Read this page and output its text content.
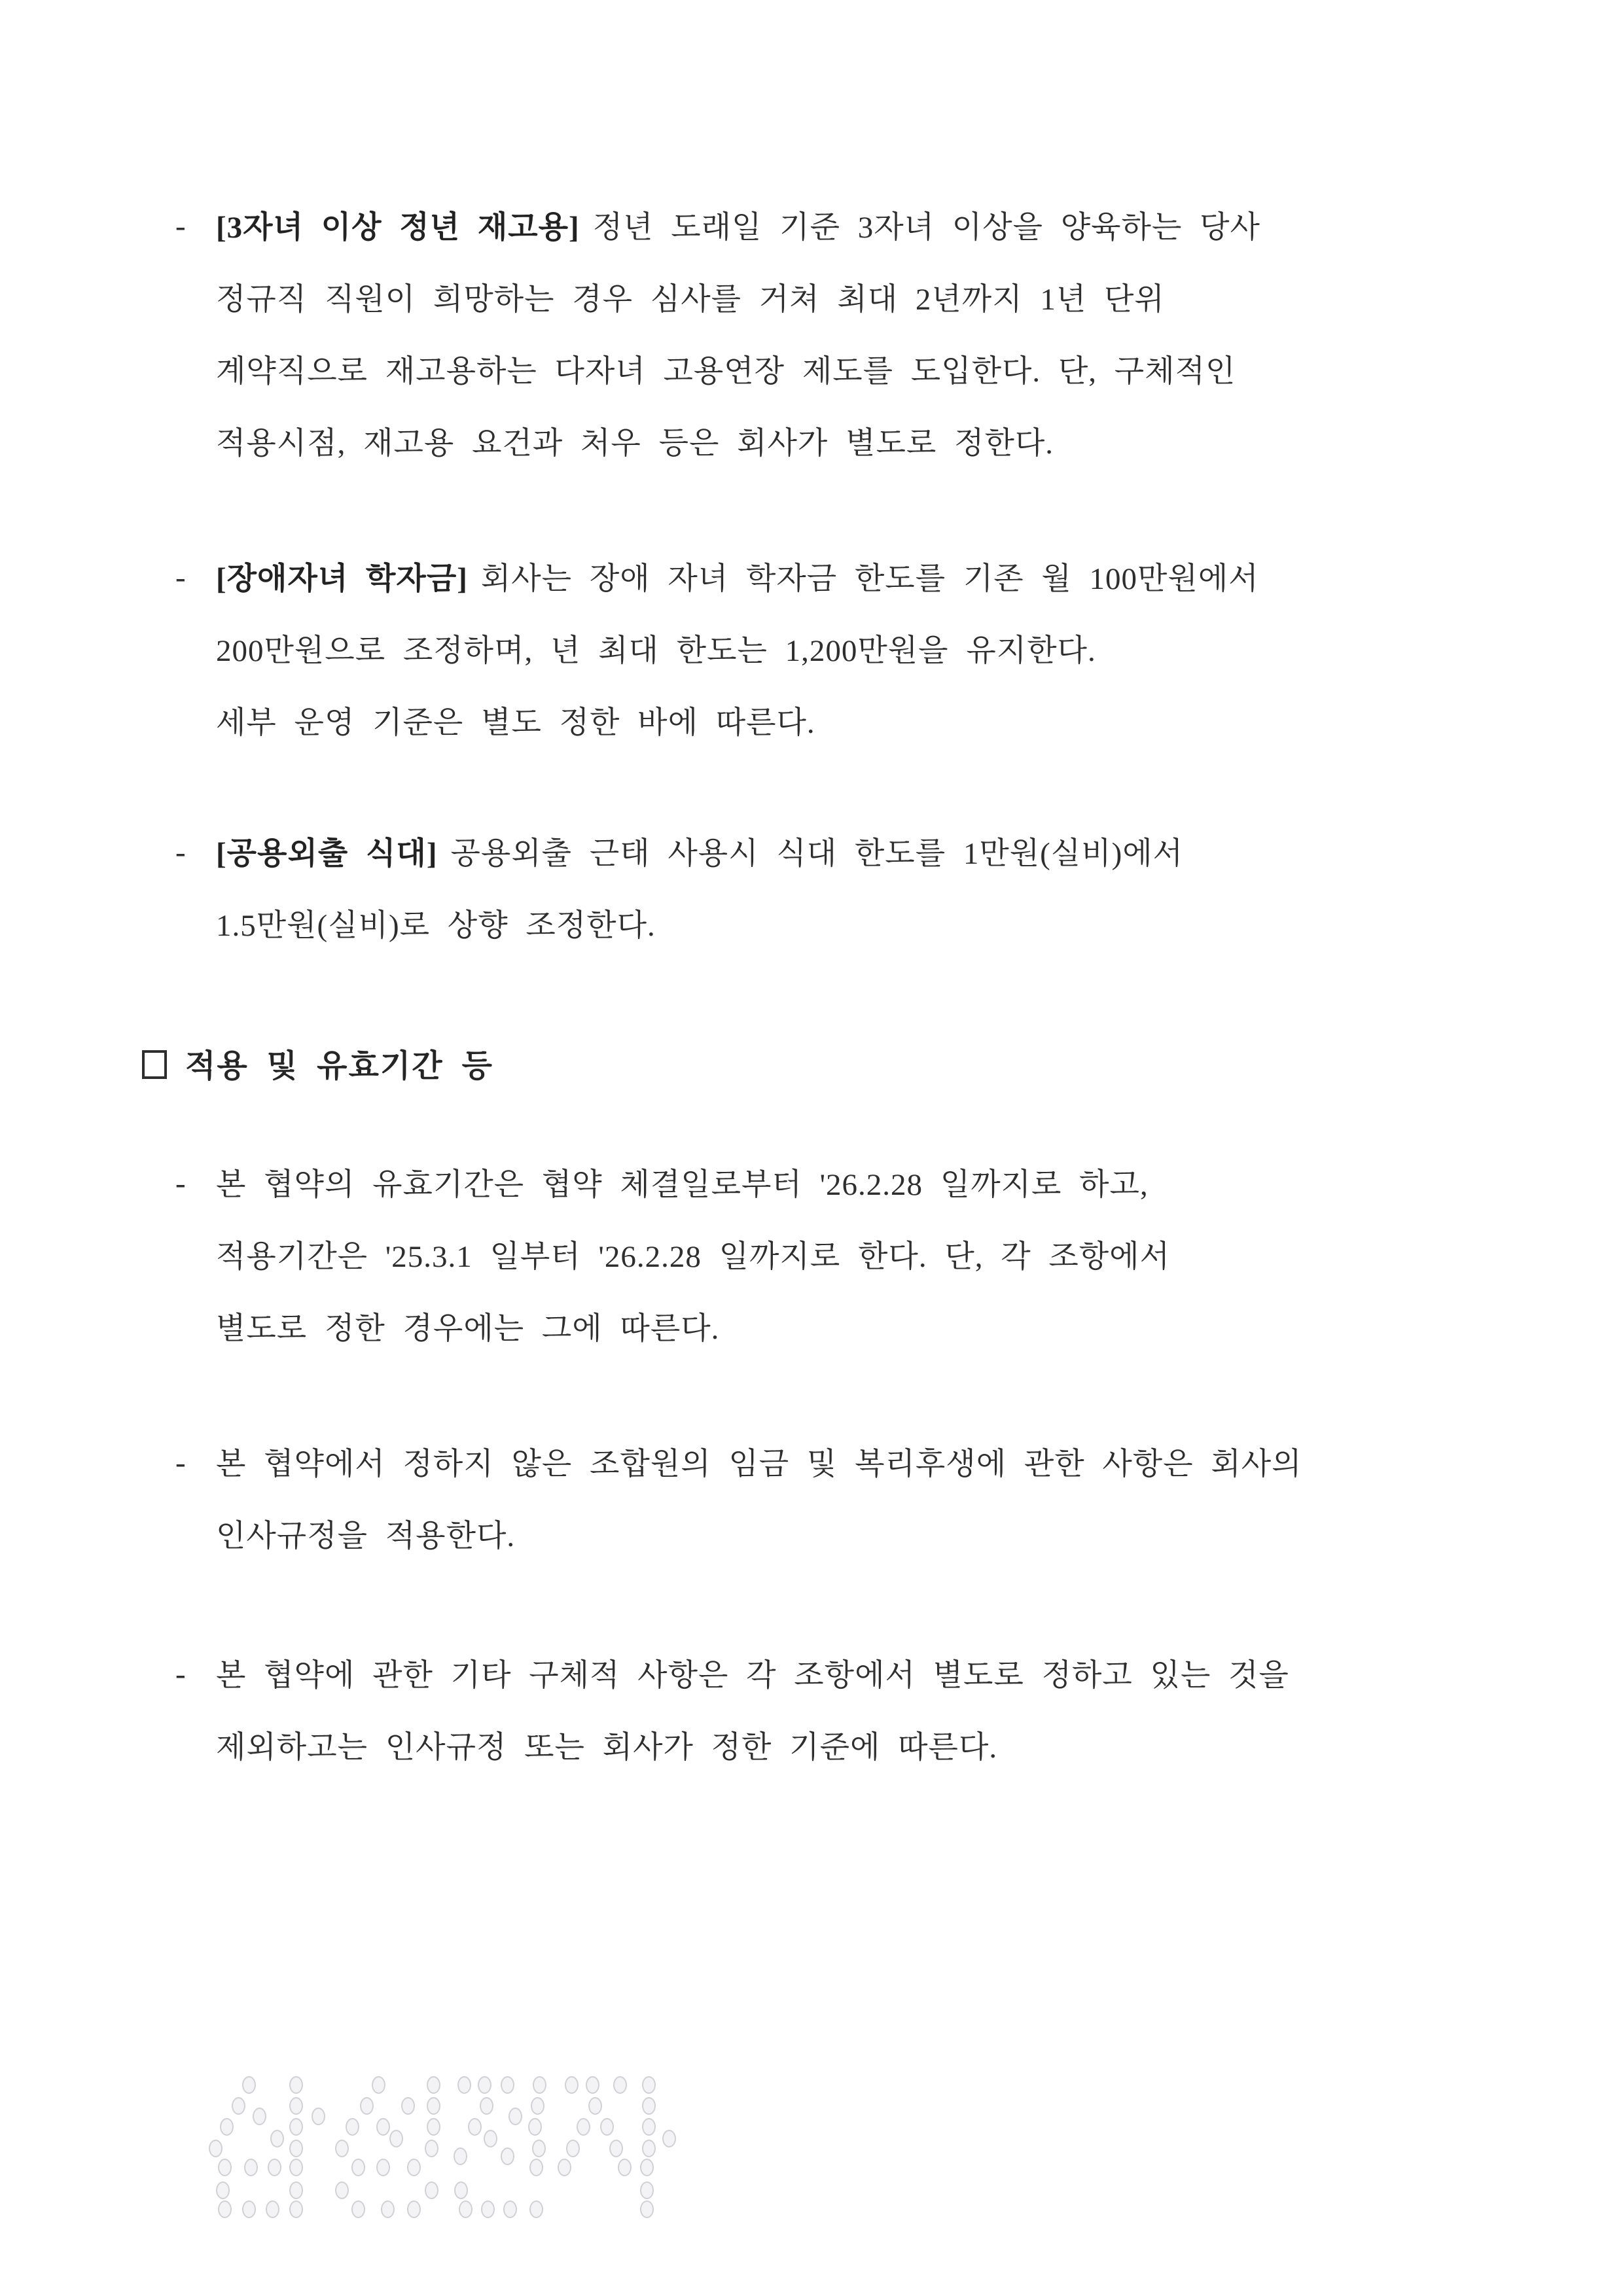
- [3자녀 이상 정년 재고용] 정년 도래일 기준 3자녀 이상을 양육하는 당사
정규직 직원이 희망하는 경우 심사를 거쳐 최대 2년까지 1년 단위
계약직으로 재고용하는 다자녀 고용연장 제도를 도입한다. 단, 구체적인
적용시점, 재고용 요건과 처우 등은 회사가 별도로 정한다.
- [장애자녀 학자금] 회사는 장애 자녀 학자금 한도를 기존 월 100만원에서
200만원으로 조정하며, 년 최대 한도는 1,200만원을 유지한다.
세부 운영 기준은 별도 정한 바에 따른다.
- [공용외출 식대] 공용외출 근태 사용시 식대 한도를 1만원(실비)에서
1.5만원(실비)로 상향 조정한다.
적용 및 유효기간 등
- 본 협약의 유효기간은 협약 체결일로부터 '26.2.28 일까지로 하고,
적용기간은 '25.3.1 일부터 '26.2.28 일까지로 한다. 단, 각 조항에서
별도로 정한 경우에는 그에 따른다.
- 본 협약에서 정하지 않은 조합원의 임금 및 복리후생에 관한 사항은 회사의
인사규정을 적용한다.
- 본 협약에 관한 기타 구체적 사항은 각 조항에서 별도로 정하고 있는 것을
제외하고는 인사규정 또는 회사가 정한 기준에 따른다.
